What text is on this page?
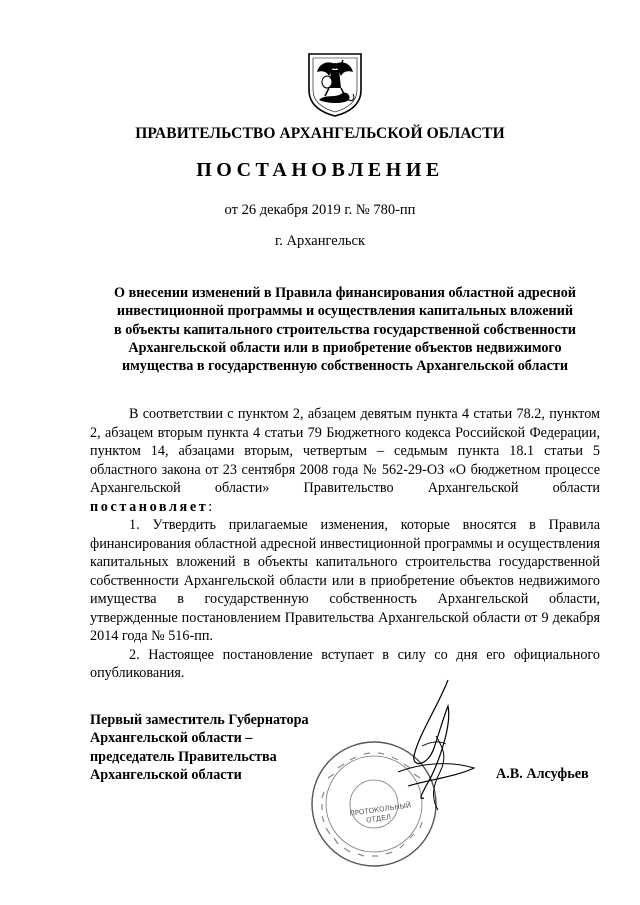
ПРАВИТЕЛЬСТВО АРХАНГЕЛЬСКОЙ ОБЛАСТИ
ПОСТАНОВЛЕНИЕ
от 26 декабря 2019 г. № 780-пп
г. Архангельск
О внесении изменений в Правила финансирования областной адресной
инвестиционной программы и осуществления капитальных вложений
в объекты капитального строительства государственной собственности
Архангельской области или в приобретение объектов недвижимого
имущества в государственную собственность Архангельской области

В соответствии с пунктом 2, абзацем девятым пункта 4 статьи 78.2, пунктом 2, абзацем вторым пункта 4 статьи 79 Бюджетного кодекса Российской Федерации, пунктом 14, абзацами вторым, четвертым – седьмым пункта 18.1 статьи 5 областного закона от 23 сентября 2008 года № 562-29-ОЗ «О бюджетном процессе Архангельской области» Правительство Архангельской области постановляет:

1. Утвердить прилагаемые изменения, которые вносятся в Правила финансирования областной адресной инвестиционной программы и осуществления капитальных вложений в объекты капитального строительства государственной собственности Архангельской области или в приобретение объектов недвижимого имущества в государственную собственность Архангельской области, утвержденные постановлением Правительства Архангельской области от 9 декабря 2014 года № 516-пп.

2. Настоящее постановление вступает в силу со дня его официального опубликования.

Первый заместитель Губернатора
Архангельской области –
председатель Правительства
Архангельской области
ПРОТОКОЛЬНЫЙ ОТДЕЛ
А.В. Алсуфьев
